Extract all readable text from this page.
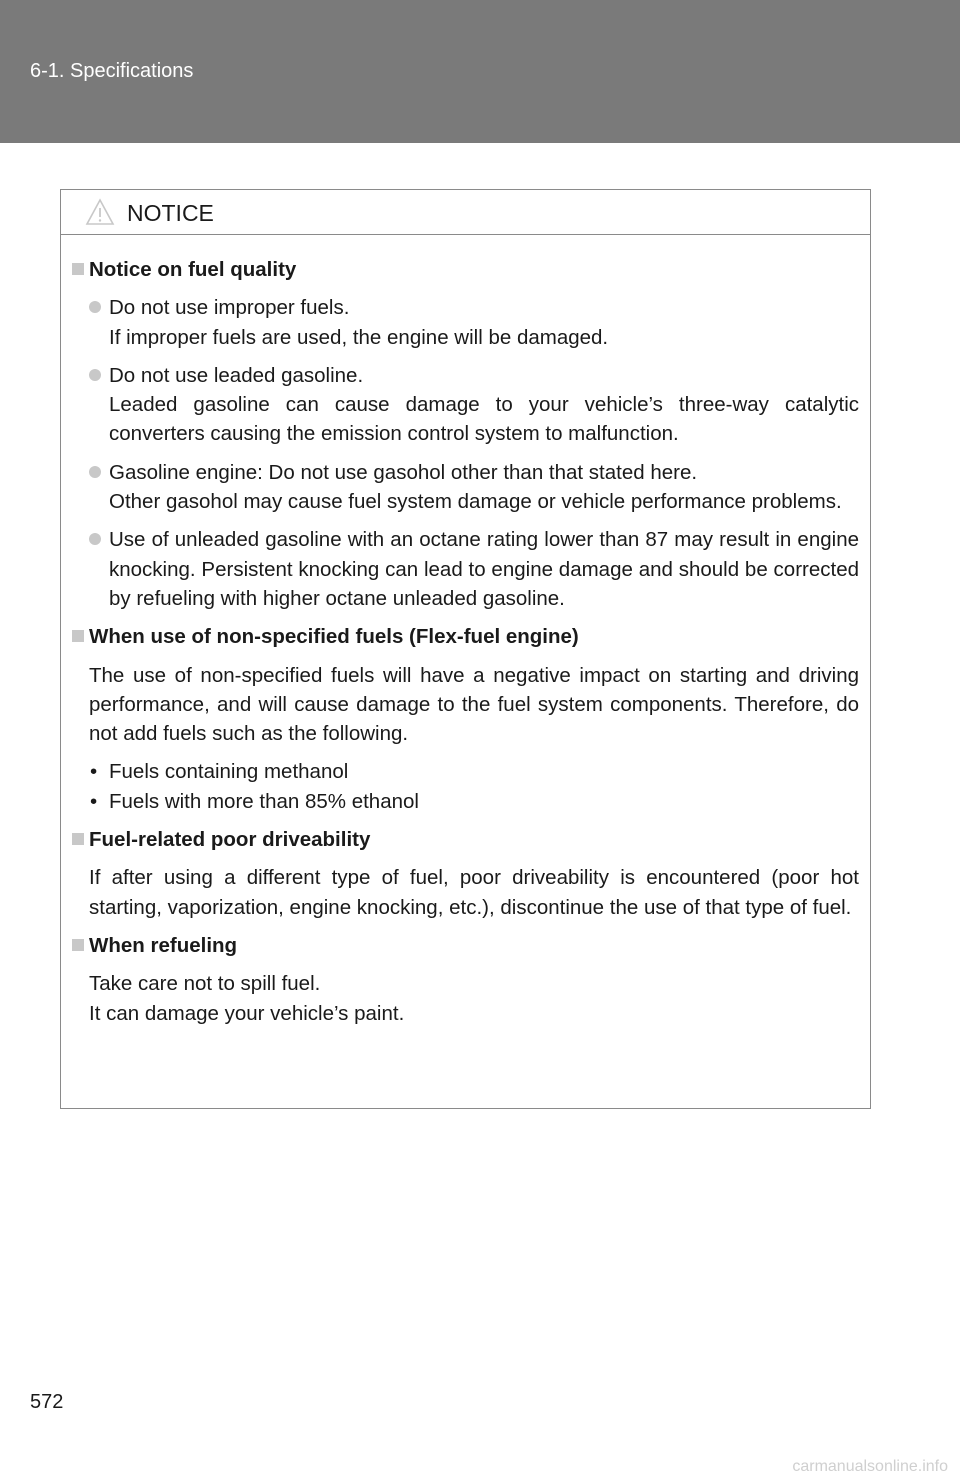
6-1. Specifications
NOTICE
Notice on fuel quality
Do not use improper fuels.
If improper fuels are used, the engine will be damaged.
Do not use leaded gasoline.
Leaded gasoline can cause damage to your vehicle’s three-way catalytic converters causing the emission control system to malfunction.
Gasoline engine: Do not use gasohol other than that stated here.
Other gasohol may cause fuel system damage or vehicle performance problems.
Use of unleaded gasoline with an octane rating lower than 87 may result in engine knocking. Persistent knocking can lead to engine damage and should be corrected by refueling with higher octane unleaded gasoline.
When use of non-specified fuels (Flex-fuel engine)
The use of non-specified fuels will have a negative impact on starting and driving performance, and will cause damage to the fuel system components. Therefore, do not add fuels such as the following.
• Fuels containing methanol
• Fuels with more than 85% ethanol
Fuel-related poor driveability
If after using a different type of fuel, poor driveability is encountered (poor hot starting, vaporization, engine knocking, etc.), discontinue the use of that type of fuel.
When refueling
Take care not to spill fuel.
It can damage your vehicle’s paint.
572
carmanualsonline.info
